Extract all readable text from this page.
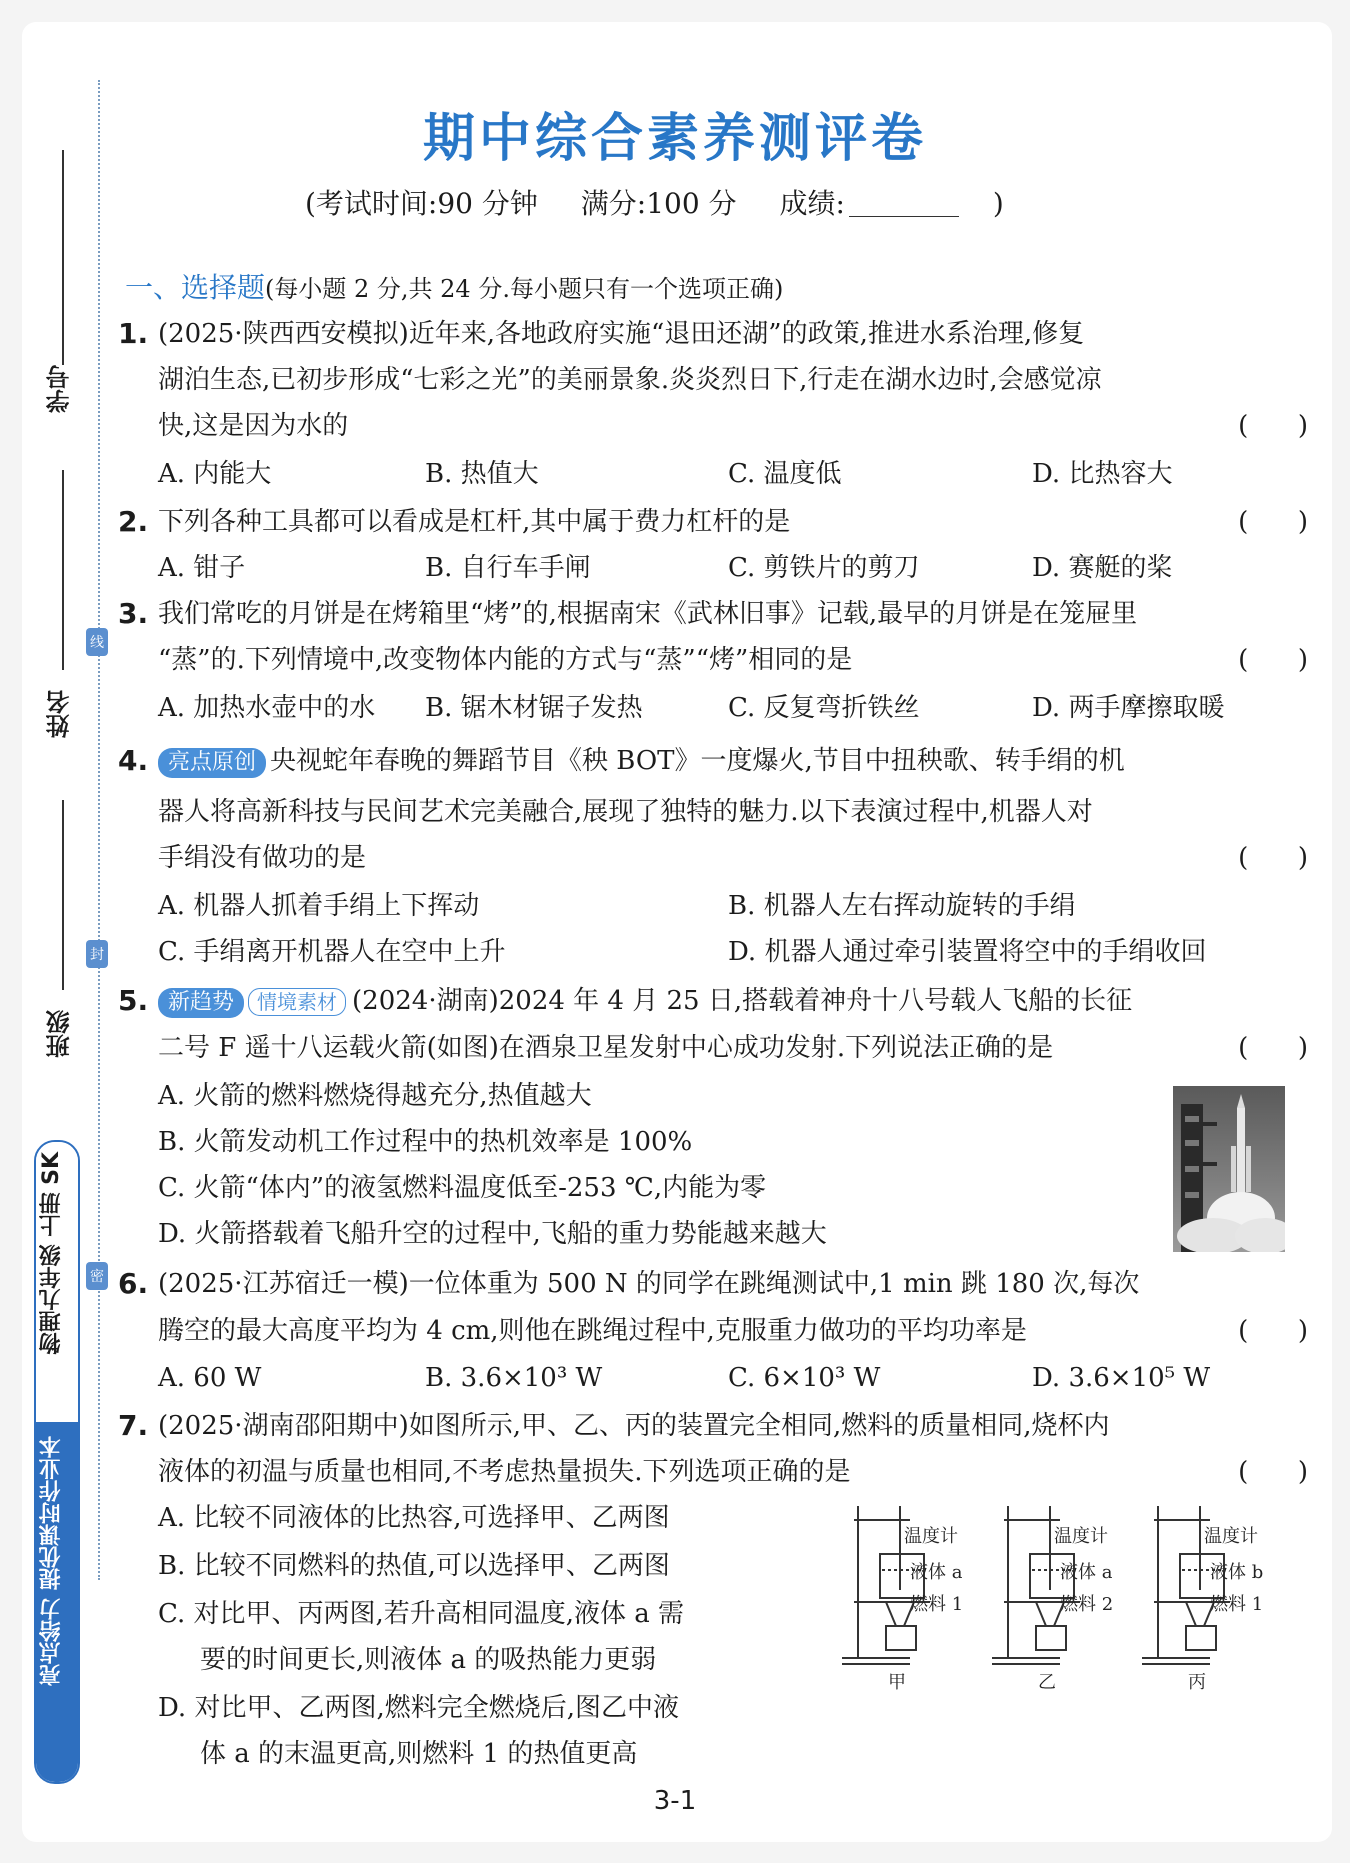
学号
姓名
班级
线
封
密
物理九年级 上册 SK
亮点给力 提优课时作业本
期中综合素养测评卷
(考试时间:90 分钟 满分:100 分 成绩:	)
一、选择题(每小题 2 分,共 24 分.每小题只有一个选项正确)
1. (2025·陕西西安模拟)近年来,各地政府实施“退田还湖”的政策,推进水系治理,修复
湖泊生态,已初步形成“七彩之光”的美丽景象.炎炎烈日下,行走在湖水边时,会感觉凉
快,这是因为水的	(      )
A. 内能大	B. 热值大	C. 温度低	D. 比热容大
2. 下列各种工具都可以看成是杠杆,其中属于费力杠杆的是	(      )
A. 钳子	B. 自行车手闸	C. 剪铁片的剪刀	D. 赛艇的桨
3. 我们常吃的月饼是在烤箱里“烤”的,根据南宋《武林旧事》记载,最早的月饼是在笼屉里
“蒸”的.下列情境中,改变物体内能的方式与“蒸”“烤”相同的是	(      )
A. 加热水壶中的水 B. 锯木材锯子发热	C. 反复弯折铁丝	D. 两手摩擦取暖
4. 亮点原创 央视蛇年春晚的舞蹈节目《秧 BOT》一度爆火,节目中扭秧歌、转手绢的机
器人将高新科技与民间艺术完美融合,展现了独特的魅力.以下表演过程中,机器人对
手绢没有做功的是	(      )
A. 机器人抓着手绢上下挥动	B. 机器人左右挥动旋转的手绢
C. 手绢离开机器人在空中上升	D. 机器人通过牵引装置将空中的手绢收回
5. 新趋势 情境素材 (2024·湖南)2024 年 4 月 25 日,搭载着神舟十八号载人飞船的长征
二号 F 遥十八运载火箭(如图)在酒泉卫星发射中心成功发射.下列说法正确的是	(      )
A. 火箭的燃料燃烧得越充分,热值越大
B. 火箭发动机工作过程中的热机效率是 100%
C. 火箭“体内”的液氢燃料温度低至-253 ℃,内能为零
D. 火箭搭载着飞船升空的过程中,飞船的重力势能越来越大
6. (2025·江苏宿迁一模)一位体重为 500 N 的同学在跳绳测试中,1 min 跳 180 次,每次
腾空的最大高度平均为 4 cm,则他在跳绳过程中,克服重力做功的平均功率是	(      )
A. 60 W	B. 3.6×10³ W	C. 6×10³ W	D. 3.6×10⁵ W
7. (2025·湖南邵阳期中)如图所示,甲、乙、丙的装置完全相同,燃料的质量相同,烧杯内
液体的初温与质量也相同,不考虑热量损失.下列选项正确的是	(      )
A. 比较不同液体的比热容,可选择甲、乙两图
B. 比较不同燃料的热值,可以选择甲、乙两图
C. 对比甲、丙两图,若升高相同温度,液体 a 需
要的时间更长,则液体 a 的吸热能力更弱
D. 对比甲、乙两图,燃料完全燃烧后,图乙中液
体 a 的末温更高,则燃料 1 的热值更高
温度计	温度计	温度计
液体 a	液体 a	液体 b
燃料 1	燃料 2	燃料 1
甲	乙	丙
3-1
